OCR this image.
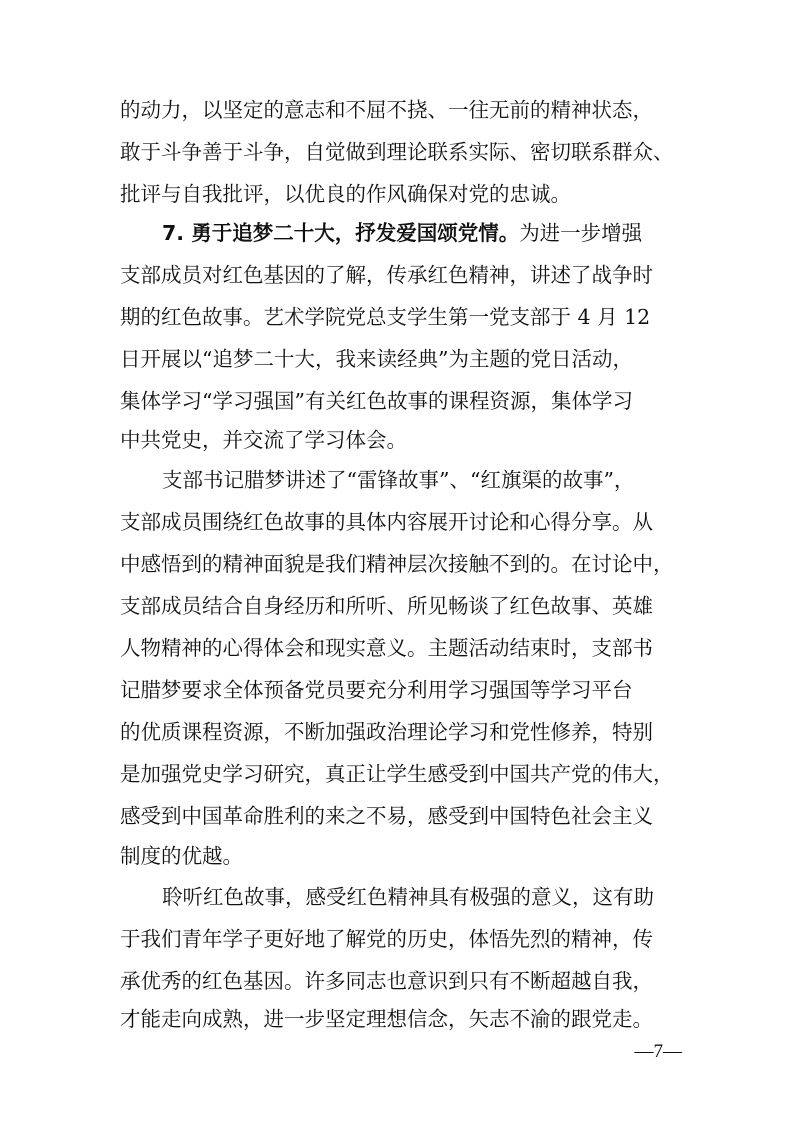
的动力，以坚定的意志和不屈不挠、一往无前的精神状态，
敢于斗争善于斗争，自觉做到理论联系实际、密切联系群众、
批评与自我批评，以优良的作风确保对党的忠诚。
7. 勇于追梦二十大，抒发爱国颂党情。为进一步增强
支部成员对红色基因的了解，传承红色精神，讲述了战争时
期的红色故事。艺术学院党总支学生第一党支部于 4 月 12
日开展以“追梦二十大，我来读经典”为主题的党日活动，
集体学习“学习强国”有关红色故事的课程资源，集体学习
中共党史，并交流了学习体会。
支部书记腊梦讲述了“雷锋故事”、“红旗渠的故事”，
支部成员围绕红色故事的具体内容展开讨论和心得分享。从
中感悟到的精神面貌是我们精神层次接触不到的。在讨论中，
支部成员结合自身经历和所听、所见畅谈了红色故事、英雄
人物精神的心得体会和现实意义。主题活动结束时，支部书
记腊梦要求全体预备党员要充分利用学习强国等学习平台
的优质课程资源，不断加强政治理论学习和党性修养，特别
是加强党史学习研究，真正让学生感受到中国共产党的伟大，
感受到中国革命胜利的来之不易，感受到中国特色社会主义
制度的优越。
聆听红色故事，感受红色精神具有极强的意义，这有助
于我们青年学子更好地了解党的历史，体悟先烈的精神，传
承优秀的红色基因。许多同志也意识到只有不断超越自我，
才能走向成熟，进一步坚定理想信念，矢志不渝的跟党走。
—7—
